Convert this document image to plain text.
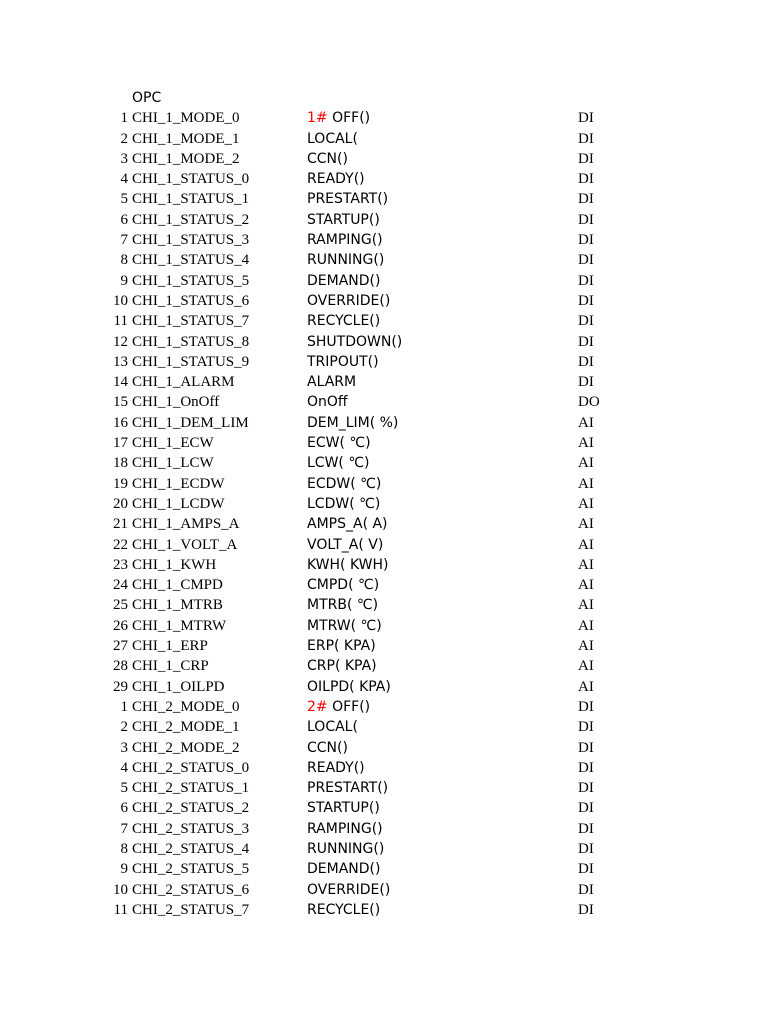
OPC
1 CHI_1_MODE_0	1# OFF()	DI
2 CHI_1_MODE_1	LOCAL(	DI
3 CHI_1_MODE_2	CCN()	DI
4 CHI_1_STATUS_0	READY()	DI
5 CHI_1_STATUS_1	PRESTART()	DI
6 CHI_1_STATUS_2	STARTUP()	DI
7 CHI_1_STATUS_3	RAMPING()	DI
8 CHI_1_STATUS_4	RUNNING()	DI
9 CHI_1_STATUS_5	DEMAND()	DI
10 CHI_1_STATUS_6	OVERRIDE()	DI
11 CHI_1_STATUS_7	RECYCLE()	DI
12 CHI_1_STATUS_8	SHUTDOWN()	DI
13 CHI_1_STATUS_9	TRIPOUT()	DI
14 CHI_1_ALARM	ALARM	DI
15 CHI_1_OnOff	OnOff	DO
16 CHI_1_DEM_LIM	DEM_LIM( %)	AI
17 CHI_1_ECW	ECW( ℃)	AI
18 CHI_1_LCW	LCW( ℃)	AI
19 CHI_1_ECDW	ECDW( ℃)	AI
20 CHI_1_LCDW	LCDW( ℃)	AI
21 CHI_1_AMPS_A	AMPS_A( A)	AI
22 CHI_1_VOLT_A	VOLT_A( V)	AI
23 CHI_1_KWH	KWH( KWH)	AI
24 CHI_1_CMPD	CMPD( ℃)	AI
25 CHI_1_MTRB	MTRB( ℃)	AI
26 CHI_1_MTRW	MTRW( ℃)	AI
27 CHI_1_ERP	ERP( KPA)	AI
28 CHI_1_CRP	CRP( KPA)	AI
29 CHI_1_OILPD	OILPD( KPA)	AI
1 CHI_2_MODE_0	2# OFF()	DI
2 CHI_2_MODE_1	LOCAL(	DI
3 CHI_2_MODE_2	CCN()	DI
4 CHI_2_STATUS_0	READY()	DI
5 CHI_2_STATUS_1	PRESTART()	DI
6 CHI_2_STATUS_2	STARTUP()	DI
7 CHI_2_STATUS_3	RAMPING()	DI
8 CHI_2_STATUS_4	RUNNING()	DI
9 CHI_2_STATUS_5	DEMAND()	DI
10 CHI_2_STATUS_6	OVERRIDE()	DI
11 CHI_2_STATUS_7	RECYCLE()	DI
